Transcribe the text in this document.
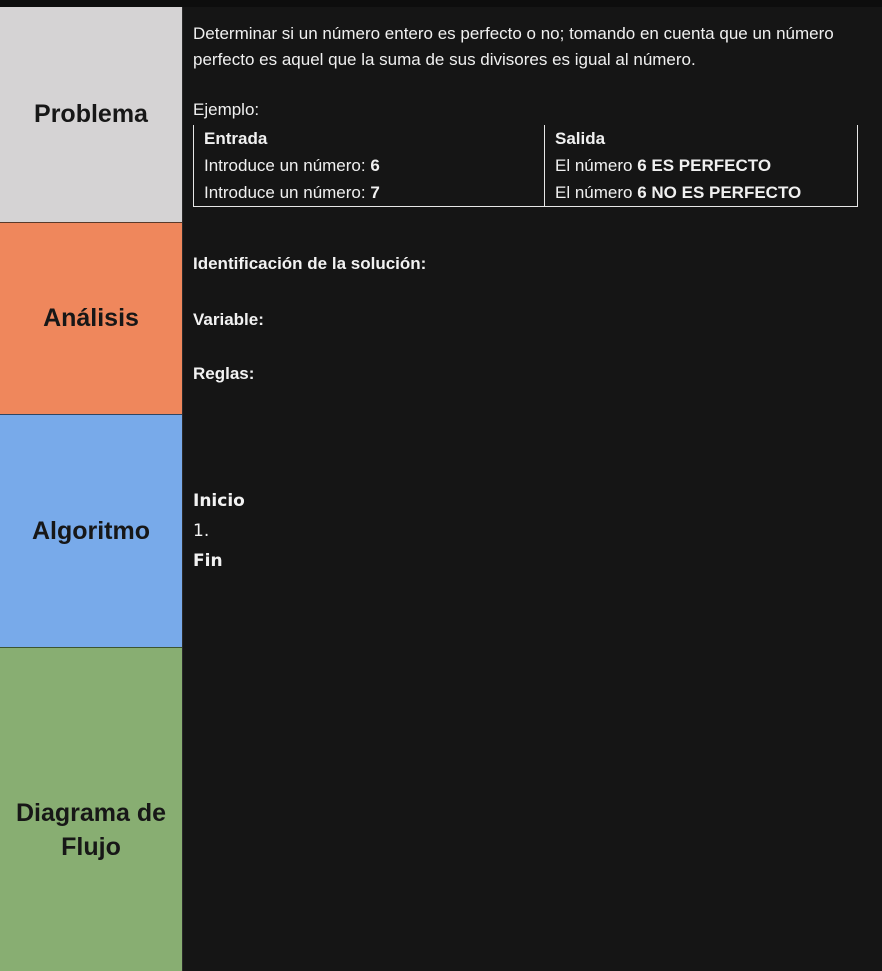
Problema
Análisis
Algoritmo
Diagrama de
Flujo
Determinar si un número entero es perfecto o no; tomando en cuenta que un número perfecto es aquel que la suma de sus divisores es igual al número.
Ejemplo:
Entrada	Salida
Introduce un número: 6	El número 6 ES PERFECTO
Introduce un número: 7	El número 6 NO ES PERFECTO
Identificación de la solución:
Variable:
Reglas:
Inicio
1.
Fin
